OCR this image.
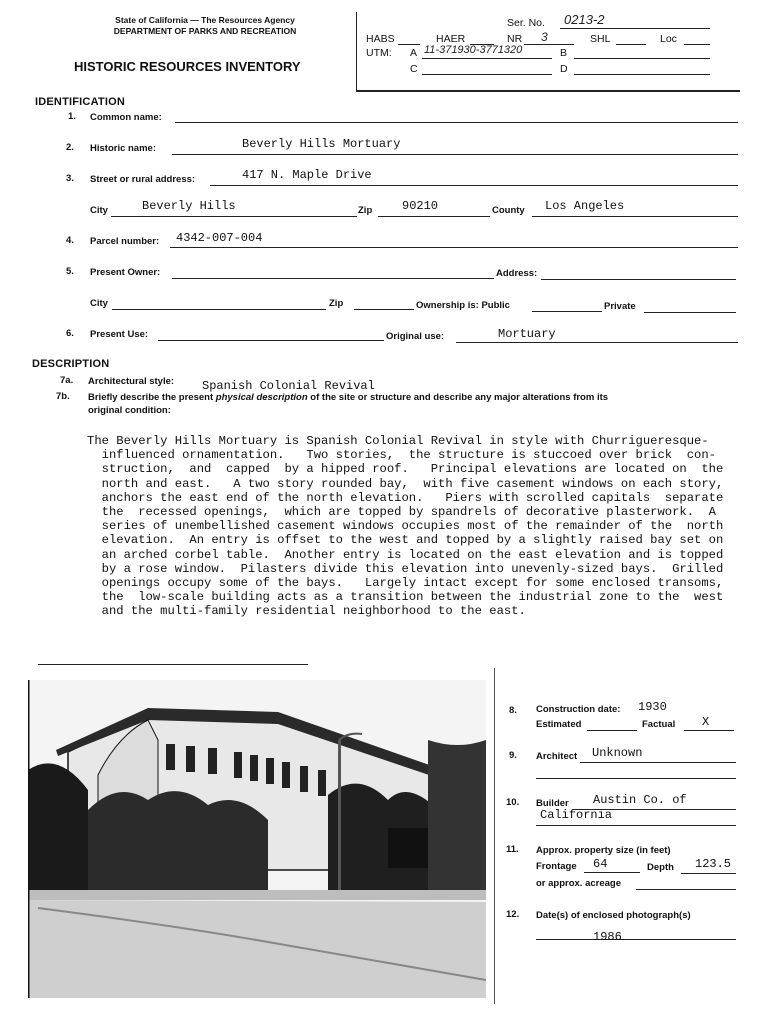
State of California — The Resources Agency
DEPARTMENT OF PARKS AND RECREATION
HISTORIC RESOURCES INVENTORY
Ser. No. 0213-2
HABS	HAER	NR 3	SHL	Loc
UTM: A 11-371930-3771320	B
C	D
IDENTIFICATION
1. Common name:
2. Historic name:	Beverly Hills Mortuary
3. Street or rural address:	417 N. Maple Drive
City	Beverly Hills	Zip 90210	County Los Angeles
4. Parcel number: 4342-007-004
5. Present Owner:	Address:
City	Zip	Ownership is: Public	Private
6. Present Use:	Original use:	Mortuary
DESCRIPTION
7a. Architectural style: Spanish Colonial Revival
7b. Briefly describe the present physical description of the site or structure and describe any major alterations from its
original condition:
The Beverly Hills Mortuary is Spanish Colonial Revival in style with Churrigueresque-
influenced ornamentation.   Two stories,  the structure is stuccoed over brick  con-
struction,  and  capped  by a hipped roof.   Principal elevations are located on  the
north and east.   A two story rounded bay,  with five casement windows on each story,
anchors the east end of the north elevation.   Piers with scrolled capitals  separate
the  recessed openings,  which are topped by spandrels of decorative plasterwork.  A
series of unembellished casement windows occupies most of the remainder of the  north
elevation.  An entry is offset to the west and topped by a slightly raised bay set on
an arched corbel table.  Another entry is located on the east elevation and is topped
by a rose window.  Pilasters divide this elevation into unevenly-sized bays.  Grilled
openings occupy some of the bays.   Largely intact except for some enclosed transoms,
the  low-scale building acts as a transition between the industrial zone to the  west
and the multi-family residential neighborhood to the east.
8. Construction date: 1930
Estimated	Factual X
9. Architect Unknown
10. Builder Austin Co. of
California
11. Approx. property size (in feet)
Frontage 64	Depth 123.5
or approx. acreage
12. Date(s) of enclosed photograph(s)
1986
